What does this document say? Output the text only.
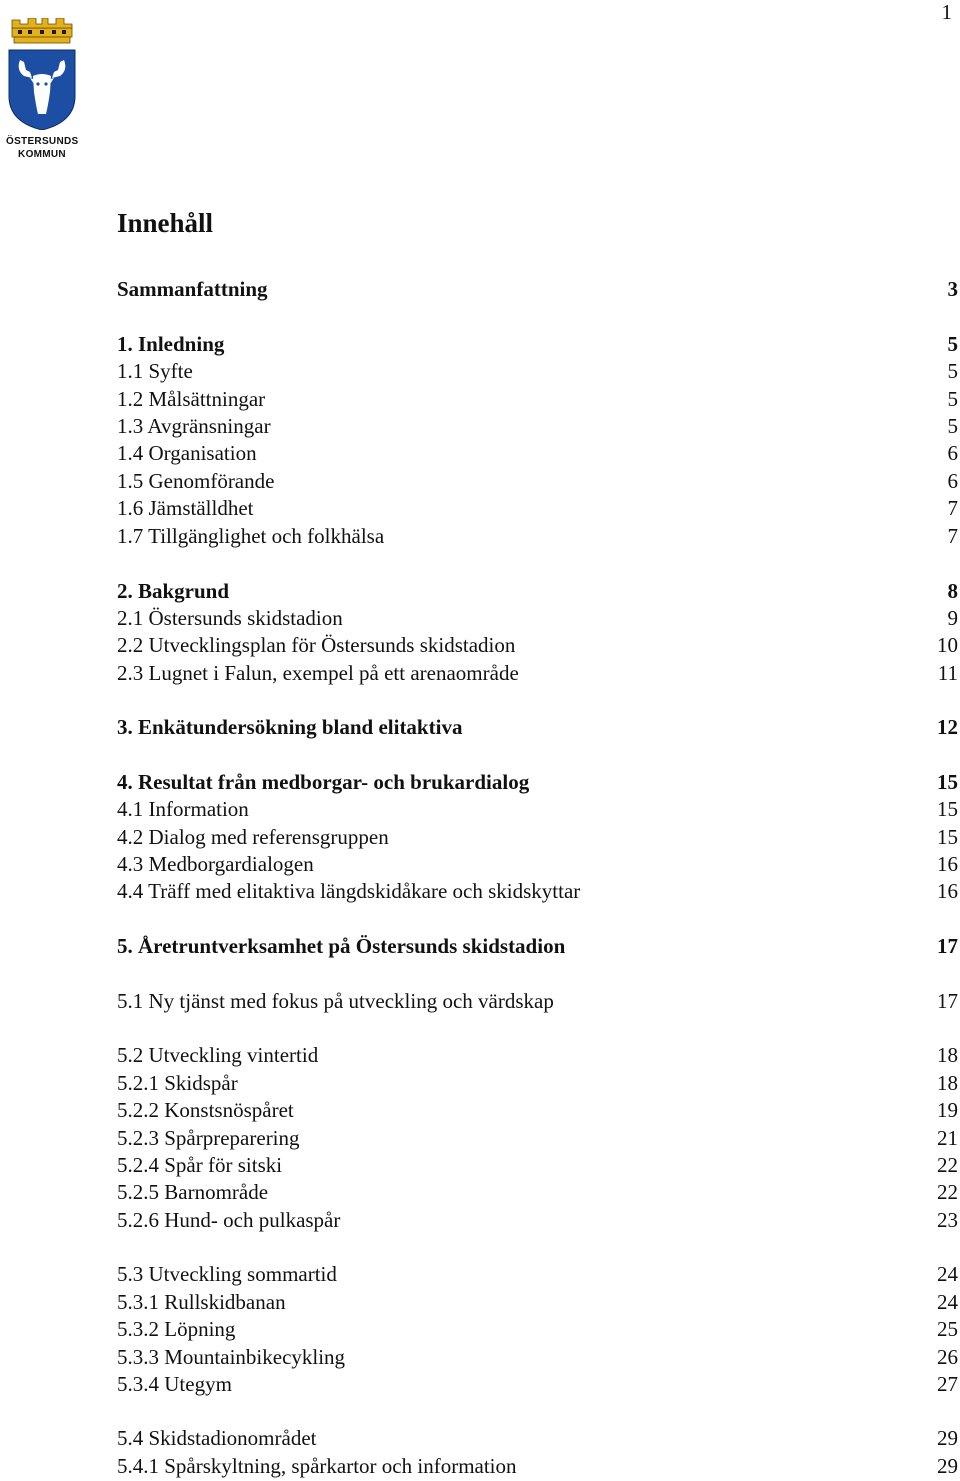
1
ÖSTERSUNDS
KOMMUN
Innehåll
Sammanfattning	3
1. Inledning	5
1.1 Syfte	5
1.2 Målsättningar	5
1.3 Avgränsningar	5
1.4 Organisation	6
1.5 Genomförande	6
1.6 Jämställdhet	7
1.7 Tillgänglighet och folkhälsa	7
2. Bakgrund	8
2.1 Östersunds skidstadion	9
2.2 Utvecklingsplan för Östersunds skidstadion	10
2.3 Lugnet i Falun, exempel på ett arenaområde	11
3. Enkätundersökning bland elitaktiva	12
4. Resultat från medborgar- och brukardialog	15
4.1 Information	15
4.2 Dialog med referensgruppen	15
4.3 Medborgardialogen	16
4.4 Träff med elitaktiva längdskidåkare och skidskyttar	16
5. Åretruntverksamhet på Östersunds skidstadion	17
5.1 Ny tjänst med fokus på utveckling och värdskap	17
5.2 Utveckling vintertid	18
5.2.1 Skidspår	18
5.2.2 Konstsnöspåret	19
5.2.3 Spårpreparering	21
5.2.4 Spår för sitski	22
5.2.5 Barnområde	22
5.2.6 Hund- och pulkaspår	23
5.3 Utveckling sommartid	24
5.3.1 Rullskidbanan	24
5.3.2 Löpning	25
5.3.3 Mountainbikecykling	26
5.3.4 Utegym	27
5.4 Skidstadionområdet	29
5.4.1 Spårskyltning, spårkartor och information	29
